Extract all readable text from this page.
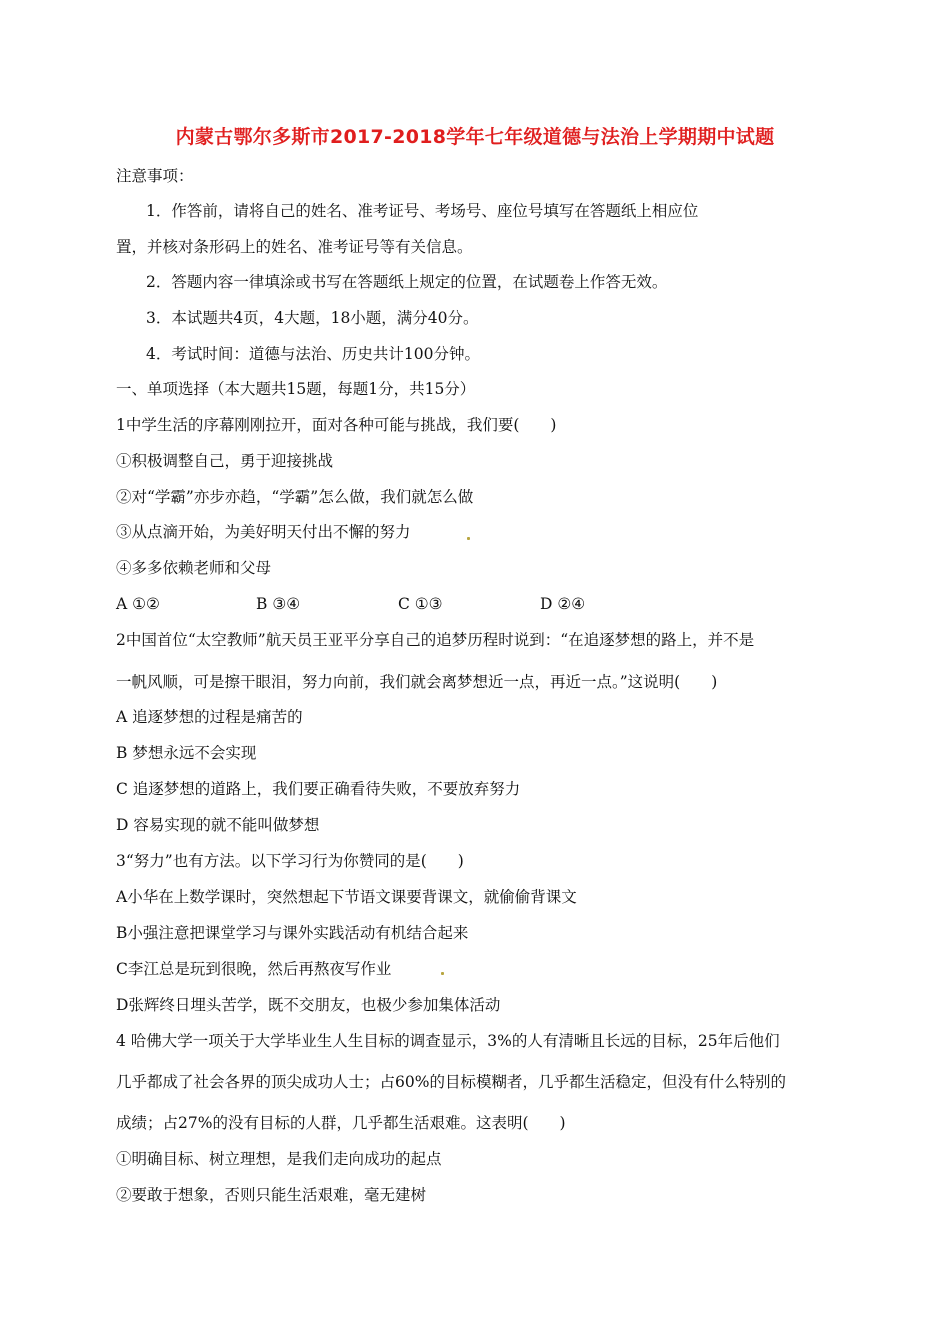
内蒙古鄂尔多斯市2017-2018学年七年级道德与法治上学期期中试题
注意事项：
1．作答前，请将自己的姓名、准考证号、考场号、座位号填写在答题纸上相应位
置，并核对条形码上的姓名、准考证号等有关信息。
2．答题内容一律填涂或书写在答题纸上规定的位置，在试题卷上作答无效。
3．本试题共4页，4大题，18小题，满分40分。
4．考试时间：道德与法治、历史共计100分钟。
一、单项选择（本大题共15题，每题1分，共15分）
1中学生活的序幕刚刚拉开，面对各种可能与挑战，我们要(　　)
①积极调整自己，勇于迎接挑战
②对“学霸”亦步亦趋，“学霸”怎么做，我们就怎么做
③从点滴开始，为美好明天付出不懈的努力
④多多依赖老师和父母
A ①②	B ③④	C ①③	D ②④
2中国首位“太空教师”航天员王亚平分享自己的追梦历程时说到：“在追逐梦想的路上，并不是
一帆风顺，可是擦干眼泪，努力向前，我们就会离梦想近一点，再近一点。”这说明(　　)
A 追逐梦想的过程是痛苦的
B 梦想永远不会实现
C 追逐梦想的道路上，我们要正确看待失败，不要放弃努力
D 容易实现的就不能叫做梦想
3“努力”也有方法。以下学习行为你赞同的是(　　)
A小华在上数学课时，突然想起下节语文课要背课文，就偷偷背课文
B小强注意把课堂学习与课外实践活动有机结合起来
C李江总是玩到很晚，然后再熬夜写作业
D张辉终日埋头苦学，既不交朋友，也极少参加集体活动
4 哈佛大学一项关于大学毕业生人生目标的调查显示，3%的人有清晰且长远的目标，25年后他们
几乎都成了社会各界的顶尖成功人士；占60%的目标模糊者，几乎都生活稳定，但没有什么特别的
成绩；占27%的没有目标的人群，几乎都生活艰难。这表明(　　)
①明确目标、树立理想，是我们走向成功的起点
②要敢于想象，否则只能生活艰难，毫无建树
